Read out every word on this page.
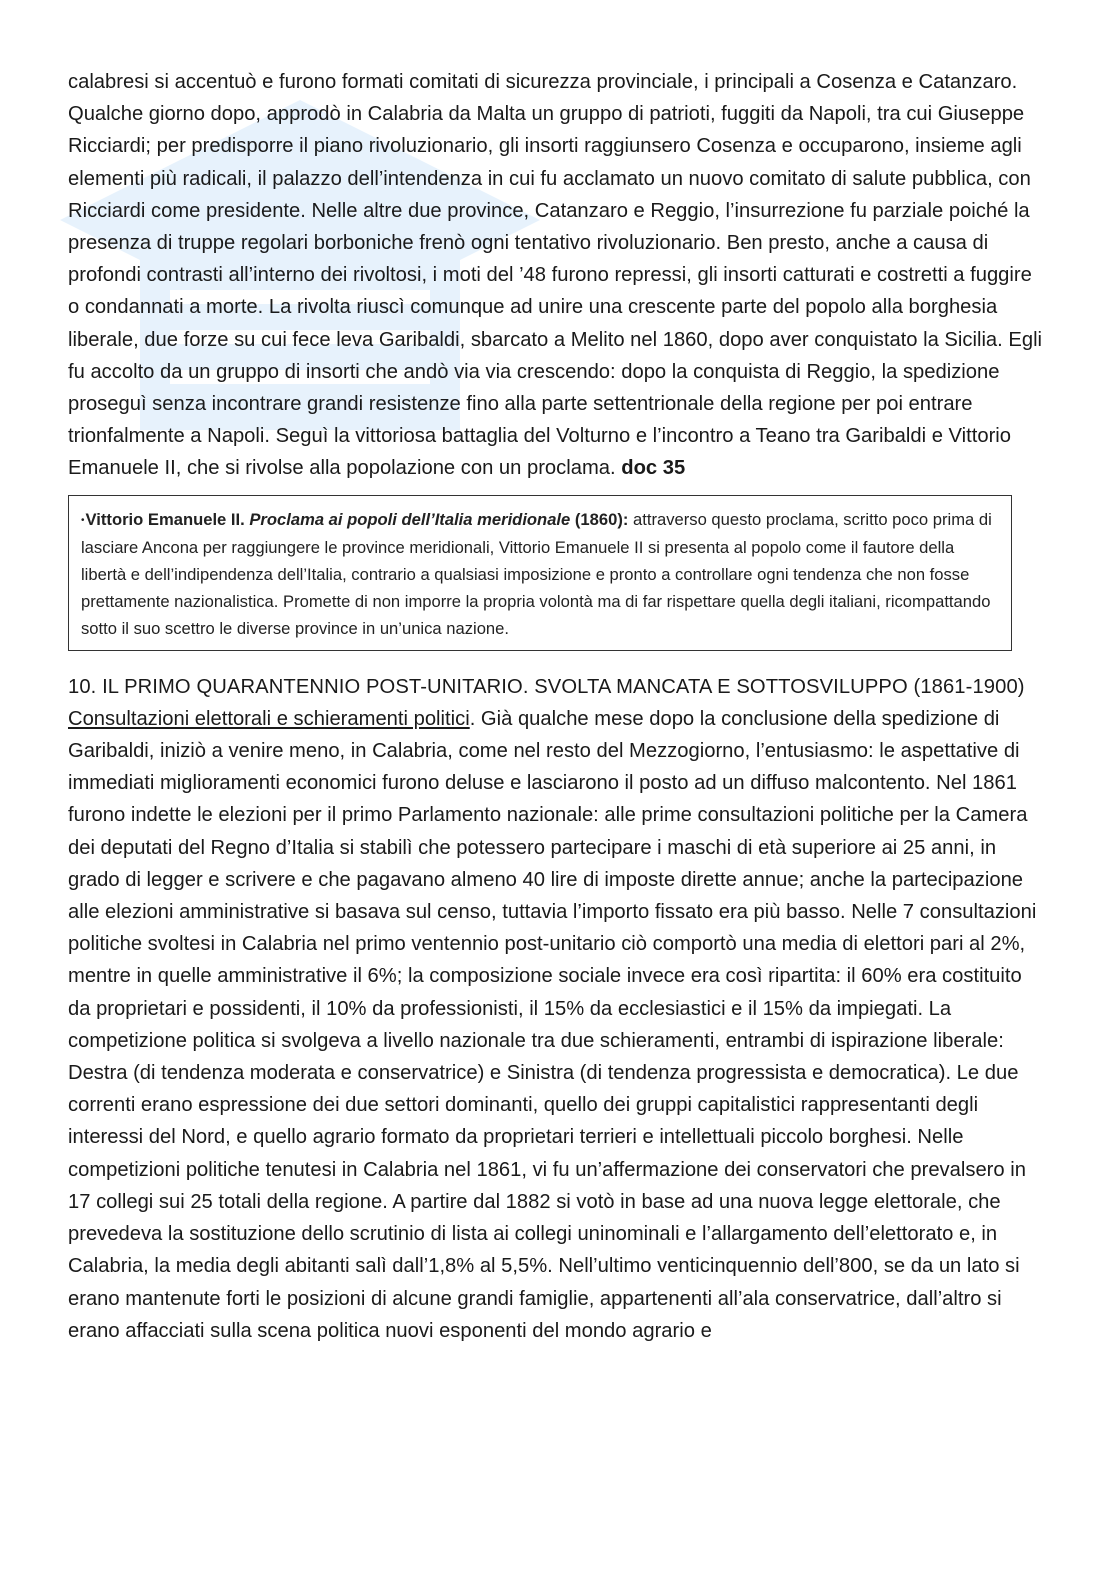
calabresi si accentuò e furono formati comitati di sicurezza provinciale, i principali a Cosenza e Catanzaro. Qualche giorno dopo, approdò in Calabria da Malta un gruppo di patrioti, fuggiti da Napoli, tra cui Giuseppe Ricciardi; per predisporre il piano rivoluzionario, gli insorti raggiunsero Cosenza e occuparono, insieme agli elementi più radicali, il palazzo dell’intendenza in cui fu acclamato un nuovo comitato di salute pubblica, con Ricciardi come presidente. Nelle altre due province, Catanzaro e Reggio, l’insurrezione fu parziale poiché la presenza di truppe regolari borboniche frenò ogni tentativo rivoluzionario. Ben presto, anche a causa di profondi contrasti all’interno dei rivoltosi, i moti del ’48 furono repressi, gli insorti catturati e costretti a fuggire o condannati a morte. La rivolta riuscì comunque ad unire una crescente parte del popolo alla borghesia liberale, due forze su cui fece leva Garibaldi, sbarcato a Melito nel 1860, dopo aver conquistato la Sicilia. Egli fu accolto da un gruppo di insorti che andò via via crescendo: dopo la conquista di Reggio, la spedizione proseguì senza incontrare grandi resistenze fino alla parte settentrionale della regione per poi entrare trionfalmente a Napoli. Seguì la vittoriosa battaglia del Volturno e l’incontro a Teano tra Garibaldi e Vittorio Emanuele II, che si rivolse alla popolazione con un proclama. doc 35

•Vittorio Emanuele II. Proclama ai popoli dell’Italia meridionale (1860): attraverso questo proclama, scritto poco prima di lasciare Ancona per raggiungere le province meridionali, Vittorio Emanuele II si presenta al popolo come il fautore della libertà e dell’indipendenza dell’Italia, contrario a qualsiasi imposizione e pronto a controllare ogni tendenza che non fosse prettamente nazionalistica. Promette di non imporre la propria volontà ma di far rispettare quella degli italiani, ricompattando sotto il suo scettro le diverse province in un’unica nazione.

10. IL PRIMO QUARANTENNIO POST-UNITARIO. SVOLTA MANCATA E SOTTOSVILUPPO (1861-1900)

Consultazioni elettorali e schieramenti politici. Già qualche mese dopo la conclusione della spedizione di Garibaldi, iniziò a venire meno, in Calabria, come nel resto del Mezzogiorno, l’entusiasmo: le aspettative di immediati miglioramenti economici furono deluse e lasciarono il posto ad un diffuso malcontento. Nel 1861 furono indette le elezioni per il primo Parlamento nazionale: alle prime consultazioni politiche per la Camera dei deputati del Regno d’Italia si stabilì che potessero partecipare i maschi di età superiore ai 25 anni, in grado di legger e scrivere e che pagavano almeno 40 lire di imposte dirette annue; anche la partecipazione alle elezioni amministrative si basava sul censo, tuttavia l’importo fissato era più basso. Nelle 7 consultazioni politiche svoltesi in Calabria nel primo ventennio post-unitario ciò comportò una media di elettori pari al 2%, mentre in quelle amministrative il 6%; la composizione sociale invece era così ripartita: il 60% era costituito da proprietari e possidenti, il 10% da professionisti, il 15% da ecclesiastici e il 15% da impiegati. La competizione politica si svolgeva a livello nazionale tra due schieramenti, entrambi di ispirazione liberale: Destra (di tendenza moderata e conservatrice) e Sinistra (di tendenza progressista e democratica). Le due correnti erano espressione dei due settori dominanti, quello dei gruppi capitalistici rappresentanti degli interessi del Nord, e quello agrario formato da proprietari terrieri e intellettuali piccolo borghesi. Nelle competizioni politiche tenutesi in Calabria nel 1861, vi fu un’affermazione dei conservatori che prevalsero in 17 collegi sui 25 totali della regione. A partire dal 1882 si votò in base ad una nuova legge elettorale, che prevedeva la sostituzione dello scrutinio di lista ai collegi uninominali e l’allargamento dell’elettorato e, in Calabria, la media degli abitanti salì dall’1,8% al 5,5%. Nell’ultimo venticinquennio dell’800, se da un lato si erano mantenute forti le posizioni di alcune grandi famiglie, appartenenti all’ala conservatrice, dall’altro si erano affacciati sulla scena politica nuovi esponenti del mondo agrario e
